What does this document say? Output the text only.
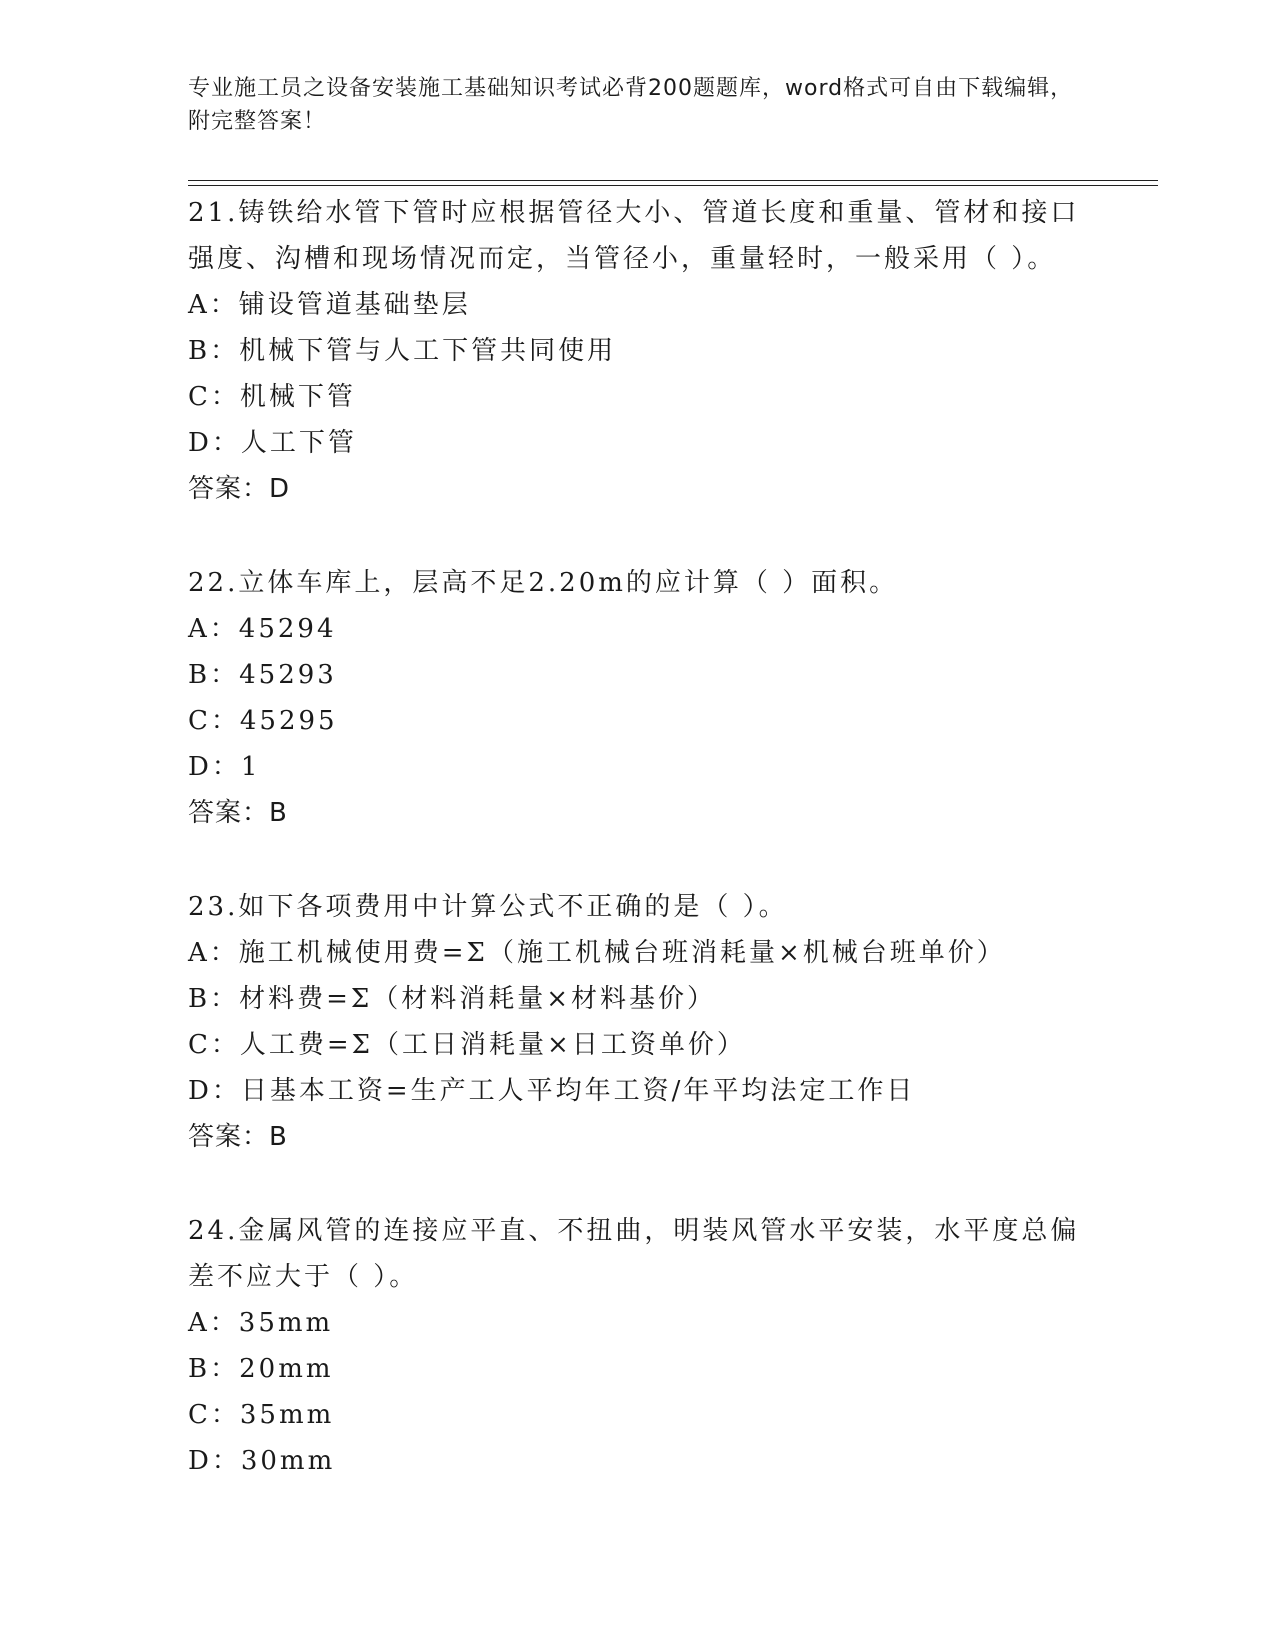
专业施工员之设备安装施工基础知识考试必背200题题库，word格式可自由下载编辑，附完整答案！
21.铸铁给水管下管时应根据管径大小、管道长度和重量、管材和接口强度、沟槽和现场情况而定，当管径小，重量轻时，一般采用（ ）。
A：铺设管道基础垫层
B：机械下管与人工下管共同使用
C：机械下管
D：人工下管
答案：D
22.立体车库上，层高不足2.20m的应计算（ ）面积。
A：45294
B：45293
C：45295
D：1
答案：B
23.如下各项费用中计算公式不正确的是（ ）。
A：施工机械使用费=Σ（施工机械台班消耗量×机械台班单价）
B：材料费=Σ（材料消耗量×材料基价）
C：人工费=Σ（工日消耗量×日工资单价）
D：日基本工资=生产工人平均年工资/年平均法定工作日
答案：B
24.金属风管的连接应平直、不扭曲，明装风管水平安装，水平度总偏差不应大于（ ）。
A：35mm
B：20mm
C：35mm
D：30mm
